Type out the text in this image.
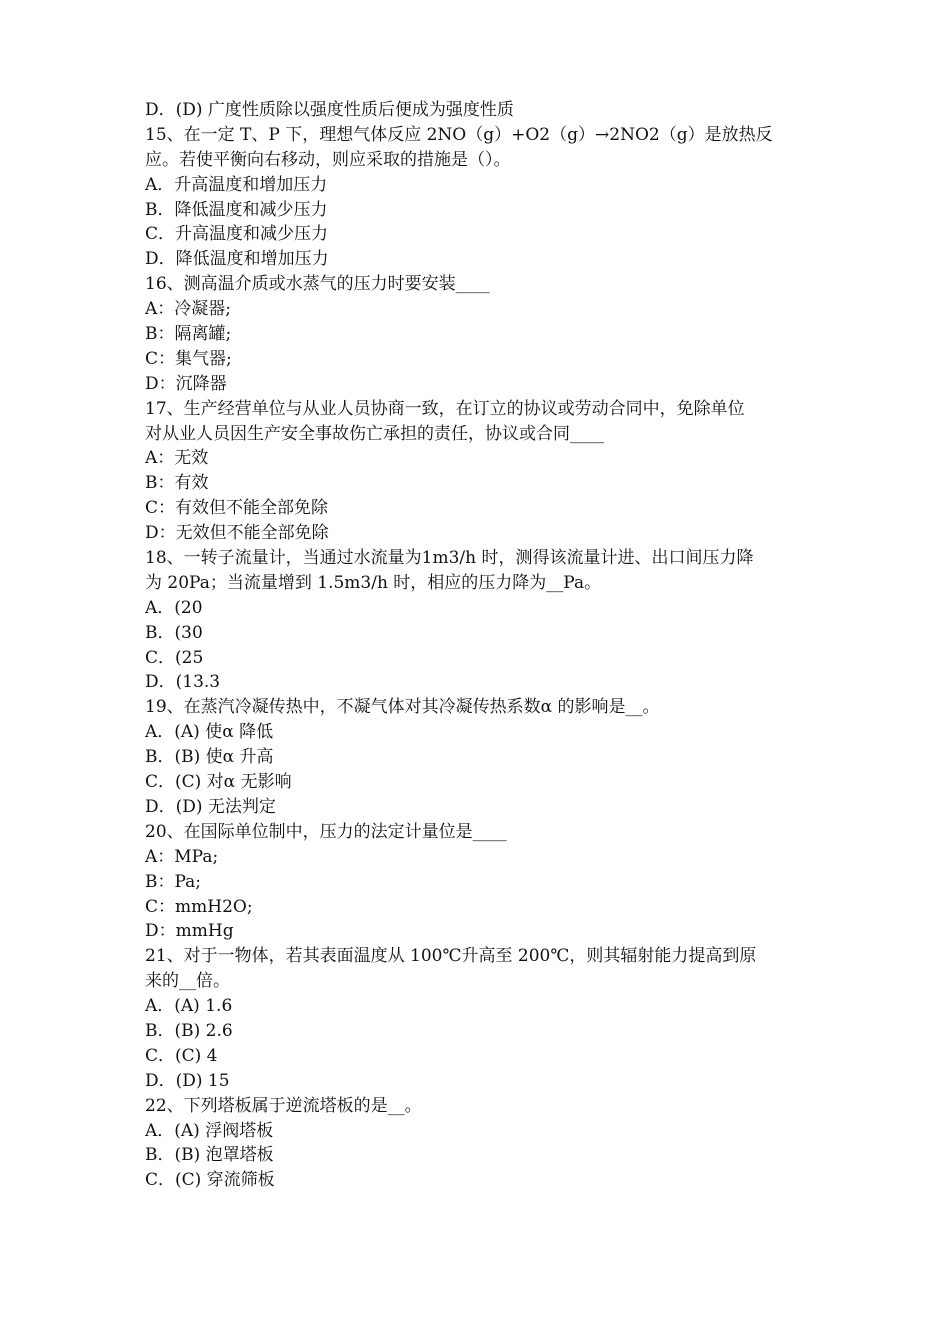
D．(D) 广度性质除以强度性质后便成为强度性质
15、在一定 T、P 下，理想气体反应 2NO（g）+O2（g）→2NO2（g）是放热反
应。若使平衡向右移动，则应采取的措施是（）。
A．升高温度和增加压力
B．降低温度和减少压力
C．升高温度和减少压力
D．降低温度和增加压力
16、测高温介质或水蒸气的压力时要安装____
A：冷凝器;
B：隔离罐;
C：集气器;
D：沉降器
17、生产经营单位与从业人员协商一致，在订立的协议或劳动合同中，免除单位
对从业人员因生产安全事故伤亡承担的责任，协议或合同____
A：无效
B：有效
C：有效但不能全部免除
D：无效但不能全部免除
18、一转子流量计，当通过水流量为1m3/h 时，测得该流量计进、出口间压力降
为 20Pa；当流量增到 1.5m3/h 时，相应的压力降为__Pa。
A．(20
B．(30
C．(25
D．(13.3
19、在蒸汽冷凝传热中，不凝气体对其冷凝传热系数α 的影响是__。
A．(A) 使α 降低
B．(B) 使α 升高
C．(C) 对α 无影响
D．(D) 无法判定
20、在国际单位制中，压力的法定计量位是____
A：MPa;
B：Pa;
C：mmH2O;
D：mmHg
21、对于一物体，若其表面温度从 100℃升高至 200℃，则其辐射能力提高到原
来的__倍。
A．(A) 1.6
B．(B) 2.6
C．(C) 4
D．(D) 15
22、下列塔板属于逆流塔板的是__。
A．(A) 浮阀塔板
B．(B) 泡罩塔板
C．(C) 穿流筛板
